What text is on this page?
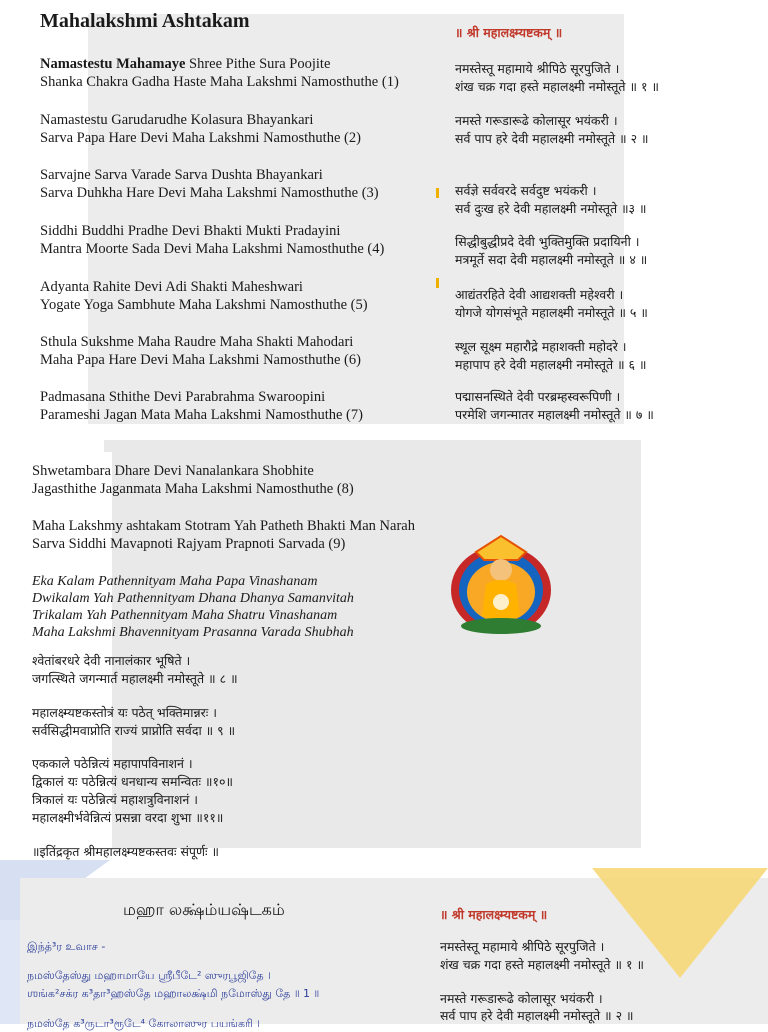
Mahalakshmi Ashtakam
॥ श्री महालक्ष्म्यष्टकम् ॥
Namastestu Mahamaye Shree Pithe Sura Poojite
Shanka Chakra Gadha Haste Maha Lakshmi Namosthuthe (1)
नमस्तेस्तू महामाये श्रीपिठे सूरपुजिते ।
शंख चक्र गदा हस्ते महालक्ष्मी नमोस्तूते ॥ १ ॥
Namastestu Garudarudhe Kolasura Bhayankari
Sarva Papa Hare Devi Maha Lakshmi Namosthuthe (2)
नमस्ते गरूडारूढे कोलासूर भयंकरी ।
सर्व पाप हरे देवी महालक्ष्मी नमोस्तूते ॥ २ ॥
Sarvajne Sarva Varade Sarva Dushta Bhayankari
Sarva Duhkha Hare Devi Maha Lakshmi Namosthuthe (3)	सर्वज्ञे सर्ववरदे सर्वदुष्ट भयंकरी ।
सर्व दुःख हरे देवी महालक्ष्मी नमोस्तूते ॥३ ॥
Siddhi Buddhi Pradhe Devi Bhakti Mukti Pradayini
Mantra Moorte Sada Devi Maha Lakshmi Namosthuthe (4)	सिद्धीबुद्धीप्रदे देवी भुक्तिमुक्ति प्रदायिनी ।
मत्रमूर्ते सदा देवी महालक्ष्मी नमोस्तूते ॥ ४ ॥
Adyanta Rahite Devi Adi Shakti Maheshwari
Yogate Yoga Sambhute Maha Lakshmi Namosthuthe (5)
आद्यंतरहिते देवी आद्यशक्ती महेश्वरी ।
योगजे योगसंभूते महालक्ष्मी नमोस्तूते ॥ ५ ॥
Sthula Sukshme Maha Raudre Maha Shakti Mahodari
Maha Papa Hare Devi Maha Lakshmi Namosthuthe (6)
स्थूल सूक्ष्म महारौद्रे महाशक्ती महोदरे ।
महापाप हरे देवी महालक्ष्मी नमोस्तूते ॥ ६ ॥
Padmasana Sthithe Devi Parabrahma Swaroopini
Parameshi Jagan Mata Maha Lakshmi Namosthuthe (7)
पद्मासनस्थिते देवी परब्रम्हस्वरूपिणी ।
परमेशि जगन्मातर महालक्ष्मी नमोस्तूते ॥ ७ ॥
Shwetambara Dhare Devi Nanalankara Shobhite
Jagasthithe Jaganmata Maha Lakshmi Namosthuthe (8)
Maha Lakshmy ashtakam Stotram Yah Patheth Bhakti Man Narah
Sarva Siddhi Mavapnoti Rajyam Prapnoti Sarvada (9)
Eka Kalam Pathennityam Maha Papa Vinashanam
Dwikalam Yah Pathennityam Dhana Dhanya Samanvitah
Trikalam Yah Pathennityam Maha Shatru Vinashanam
Maha Lakshmi Bhavennityam Prasanna Varada Shubhah
श्वेतांबरधरे देवी नानालंकार भूषिते ।
जगत्स्थिते जगन्मार्त महालक्ष्मी नमोस्तूते ॥ ८ ॥
महालक्ष्म्यष्टकस्तोत्रं यः पठेत् भक्तिमान्नरः ।
सर्वसिद्धीमवाप्नोति राज्यं प्राप्नोति सर्वदा ॥ ९ ॥
एककाले पठेन्नित्यं महापापविनाशनं ।
द्विकालं यः पठेन्नित्यं धनधान्य समन्वितः ॥१०॥
त्रिकालं यः पठेन्नित्यं महाशत्रुविनाशनं ।
महालक्ष्मीर्भवेन्नित्यं प्रसन्ना वरदा शुभा ॥११॥
॥इतिंद्रकृत श्रीमहालक्ष्म्यष्टकस्तवः संपूर्णः ॥
மஹா லக்ஷ்ம்யஷ்டகம்
இந்த்³ர உவாச -
நமஸ்தேஸ்து மஹாமாயே ஶ்ரீபீடே² ஸுரபூஜிதே ।
ஶங்க²சக்ர க³தா³ஹஸ்தே மஹாலக்ஷ்மி நமோஸ்து தே ॥ 1 ॥
நமஸ்தே க³ருடா³ரூடே⁴ கோலாஸுர பயங்கரி ।
॥ श्री महालक्ष्म्यष्टकम् ॥
नमस्तेस्तू महामाये श्रीपिठे सूरपुजिते ।
शंख चक्र गदा हस्ते महालक्ष्मी नमोस्तूते ॥ १ ॥
नमस्ते गरूडारूढे कोलासूर भयंकरी ।
सर्व पाप हरे देवी महालक्ष्मी नमोस्तूते ॥ २ ॥
